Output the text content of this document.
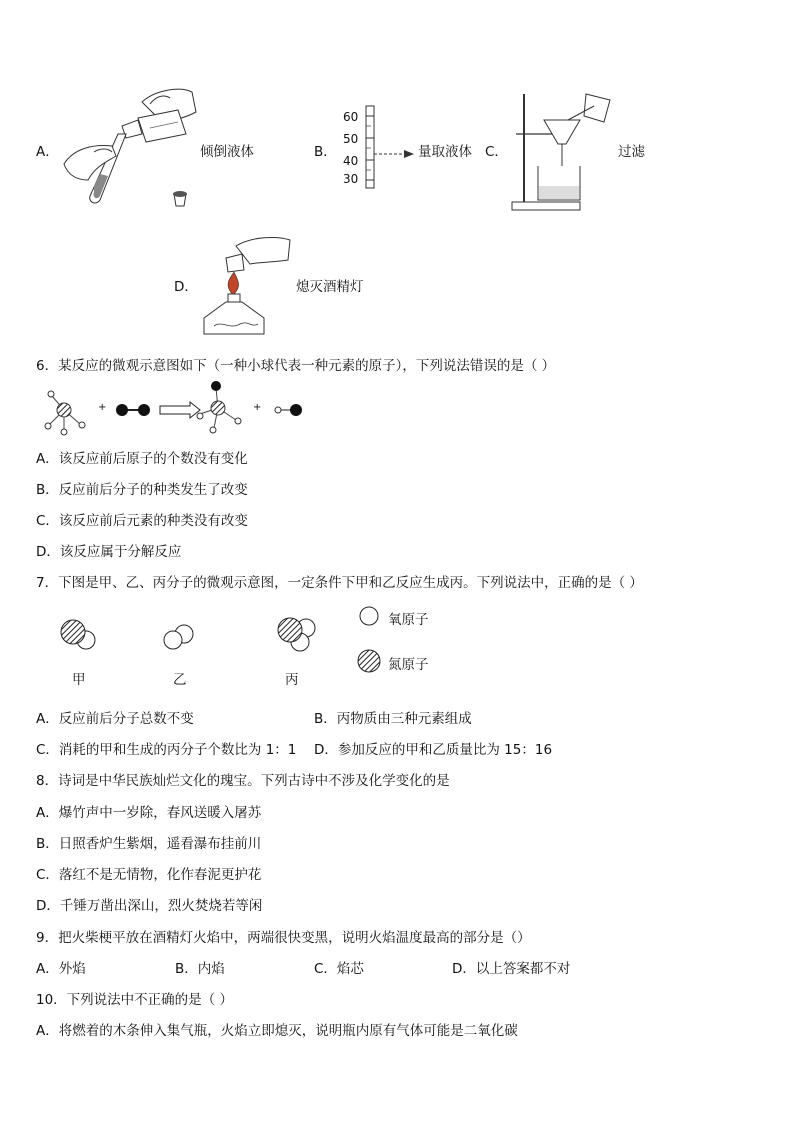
A．	倾倒液体	B．
60
50
40
30
量取液体 C．	过滤
D．	熄灭酒精灯
6．某反应的微观示意图如下（一种小球代表一种元素的原子），下列说法错误的是（ ）
+	+
A．该反应前后原子的个数没有变化
B．反应前后分子的种类发生了改变
C．该反应前后元素的种类没有改变
D．该反应属于分解反应
7．下图是甲、乙、丙分子的微观示意图，一定条件下甲和乙反应生成丙。下列说法中，正确的是（ ）
甲	乙	丙
氧原子
氮原子
A．反应前后分子总数不变	B．丙物质由三种元素组成
C．消耗的甲和生成的丙分子个数比为 1：1 D．参加反应的甲和乙质量比为 15：16
8．诗词是中华民族灿烂文化的瑰宝。下列古诗中不涉及化学变化的是
A．爆竹声中一岁除，春风送暖入屠苏
B．日照香炉生紫烟，遥看瀑布挂前川
C．落红不是无情物，化作春泥更护花
D．千锤万凿出深山，烈火焚烧若等闲
9．把火柴梗平放在酒精灯火焰中，两端很快变黑，说明火焰温度最高的部分是（）
A．外焰	B．内焰	C．焰芯	D．以上答案都不对
10．下列说法中不正确的是（ ）
A．将燃着的木条伸入集气瓶，火焰立即熄灭，说明瓶内原有气体可能是二氧化碳
